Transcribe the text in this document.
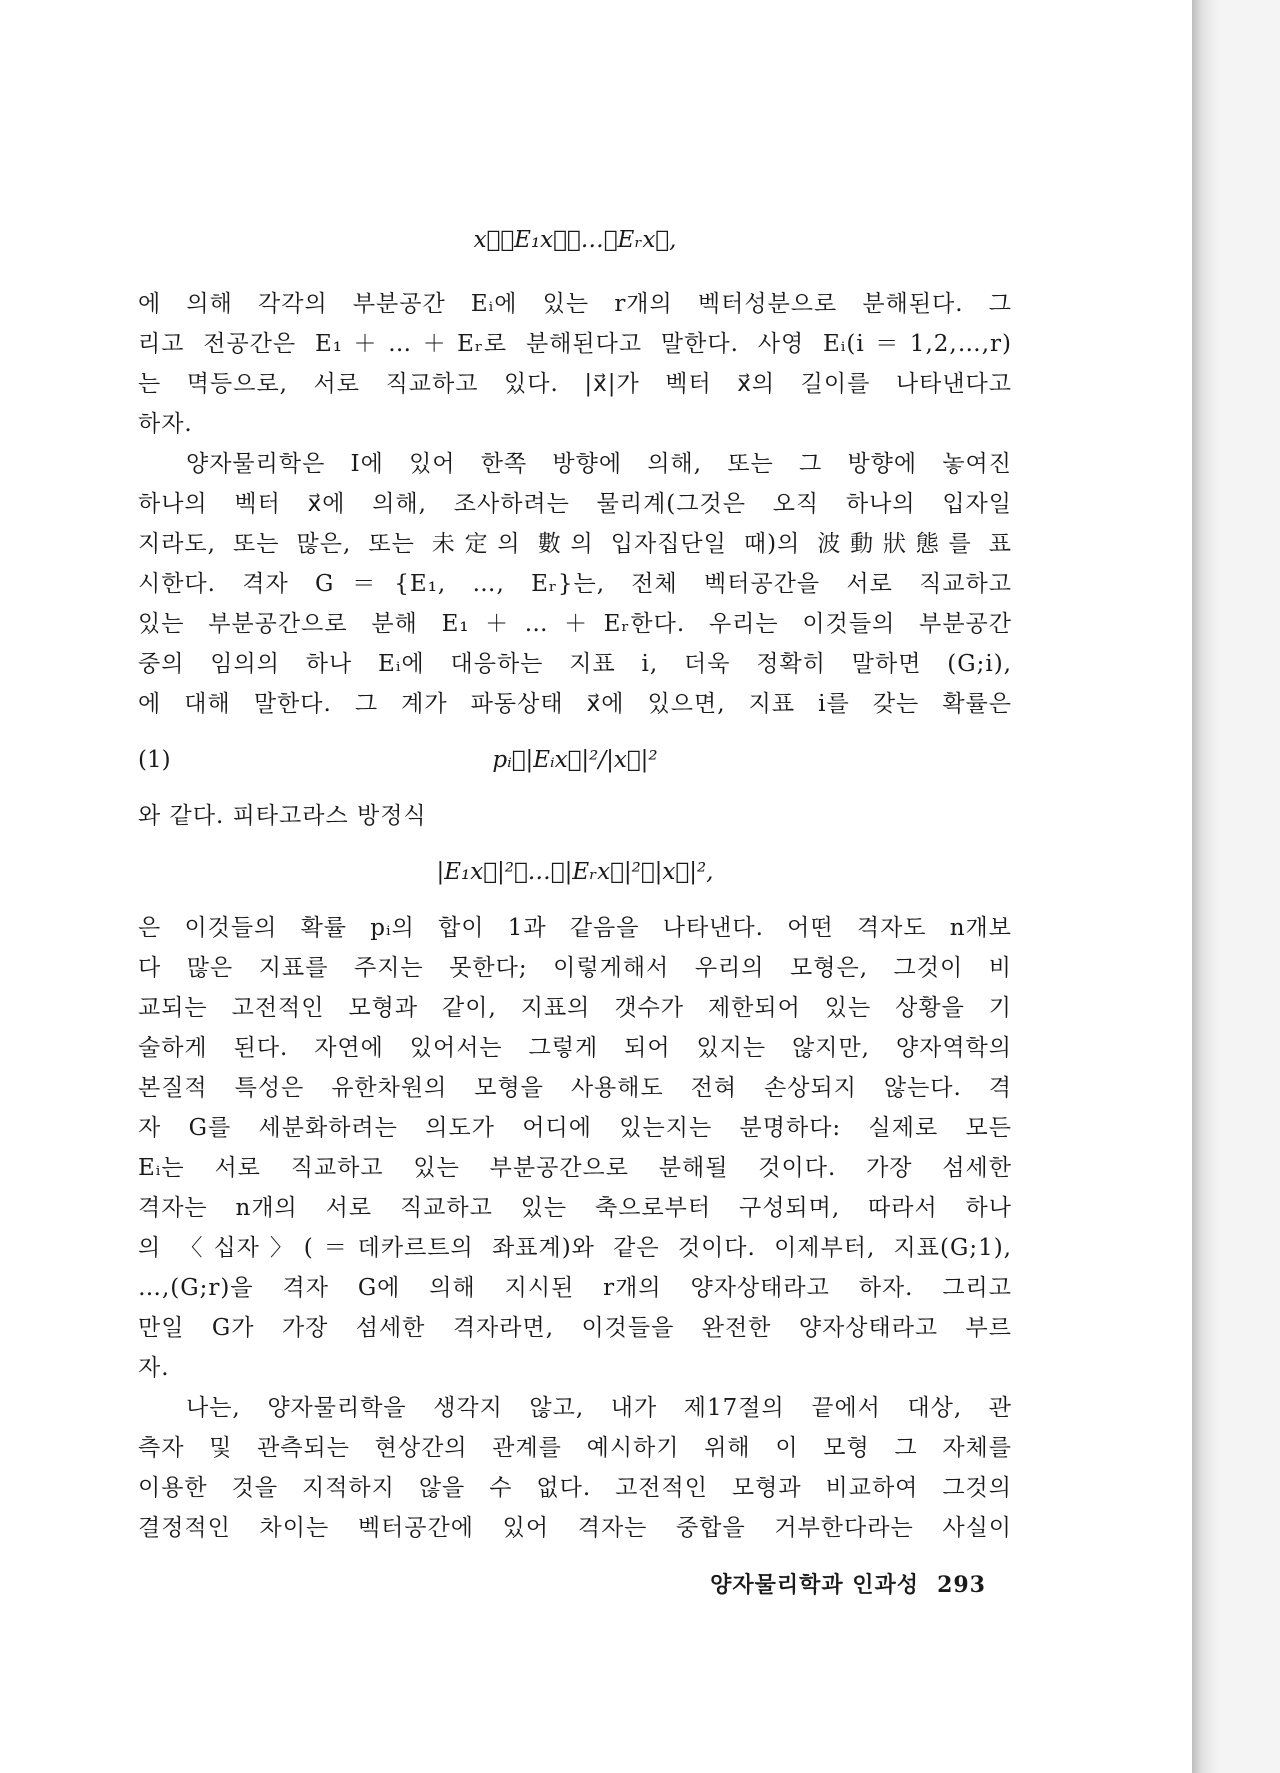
x⃗＝E₁x⃗＋…＋Eᵣx⃗,
에 의해 각각의 부분공간 Eᵢ에 있는 r개의 벡터성분으로 분해된다. 그
리고 전공간은 E₁＋…＋Eᵣ로 분해된다고 말한다. 사영 Eᵢ(i＝1,2,…,r)
는 멱등으로, 서로 직교하고 있다. |x⃗|가 벡터 x⃗의 길이를 나타낸다고
하자.
양자물리학은 I에 있어 한쪽 방향에 의해, 또는 그 방향에 놓여진
하나의 벡터 x⃗에 의해, 조사하려는 물리계(그것은 오직 하나의 입자일
지라도, 또는 많은, 또는 未定의 數의 입자집단일 때)의 波動狀態를 표
시한다. 격자 G＝{E₁, …, Eᵣ}는, 전체 벡터공간을 서로 직교하고
있는 부분공간으로 분해 E₁＋…＋Eᵣ한다. 우리는 이것들의 부분공간
중의 임의의 하나 Eᵢ에 대응하는 지표 i, 더욱 정확히 말하면 (G;i),
에 대해 말한다. 그 계가 파동상태 x⃗에 있으면, 지표 i를 갖는 확률은
(1)	pᵢ＝|Eᵢx⃗|²/|x⃗|²
와 같다. 피타고라스 방정식
|E₁x⃗|²＋…＋|Eᵣx⃗|²＝|x⃗|²,
은 이것들의 확률 pᵢ의 합이 1과 같음을 나타낸다. 어떤 격자도 n개보
다 많은 지표를 주지는 못한다; 이렇게해서 우리의 모형은, 그것이 비
교되는 고전적인 모형과 같이, 지표의 갯수가 제한되어 있는 상황을 기
술하게 된다. 자연에 있어서는 그렇게 되어 있지는 않지만, 양자역학의
본질적 특성은 유한차원의 모형을 사용해도 전혀 손상되지 않는다. 격
자 G를 세분화하려는 의도가 어디에 있는지는 분명하다: 실제로 모든
Eᵢ는 서로 직교하고 있는 부분공간으로 분해될 것이다. 가장 섬세한
격자는 n개의 서로 직교하고 있는 축으로부터 구성되며, 따라서 하나
의 〈십자〉(＝데카르트의 좌표계)와 같은 것이다. 이제부터, 지표(G;1),
…,(G;r)을 격자 G에 의해 지시된 r개의 양자상태라고 하자. 그리고
만일 G가 가장 섬세한 격자라면, 이것들을 완전한 양자상태라고 부르
자.
나는, 양자물리학을 생각지 않고, 내가 제17절의 끝에서 대상, 관
측자 및 관측되는 현상간의 관계를 예시하기 위해 이 모형 그 자체를
이용한 것을 지적하지 않을 수 없다. 고전적인 모형과 비교하여 그것의
결정적인 차이는 벡터공간에 있어 격자는 중합을 거부한다라는 사실이
양자물리학과 인과성 293
